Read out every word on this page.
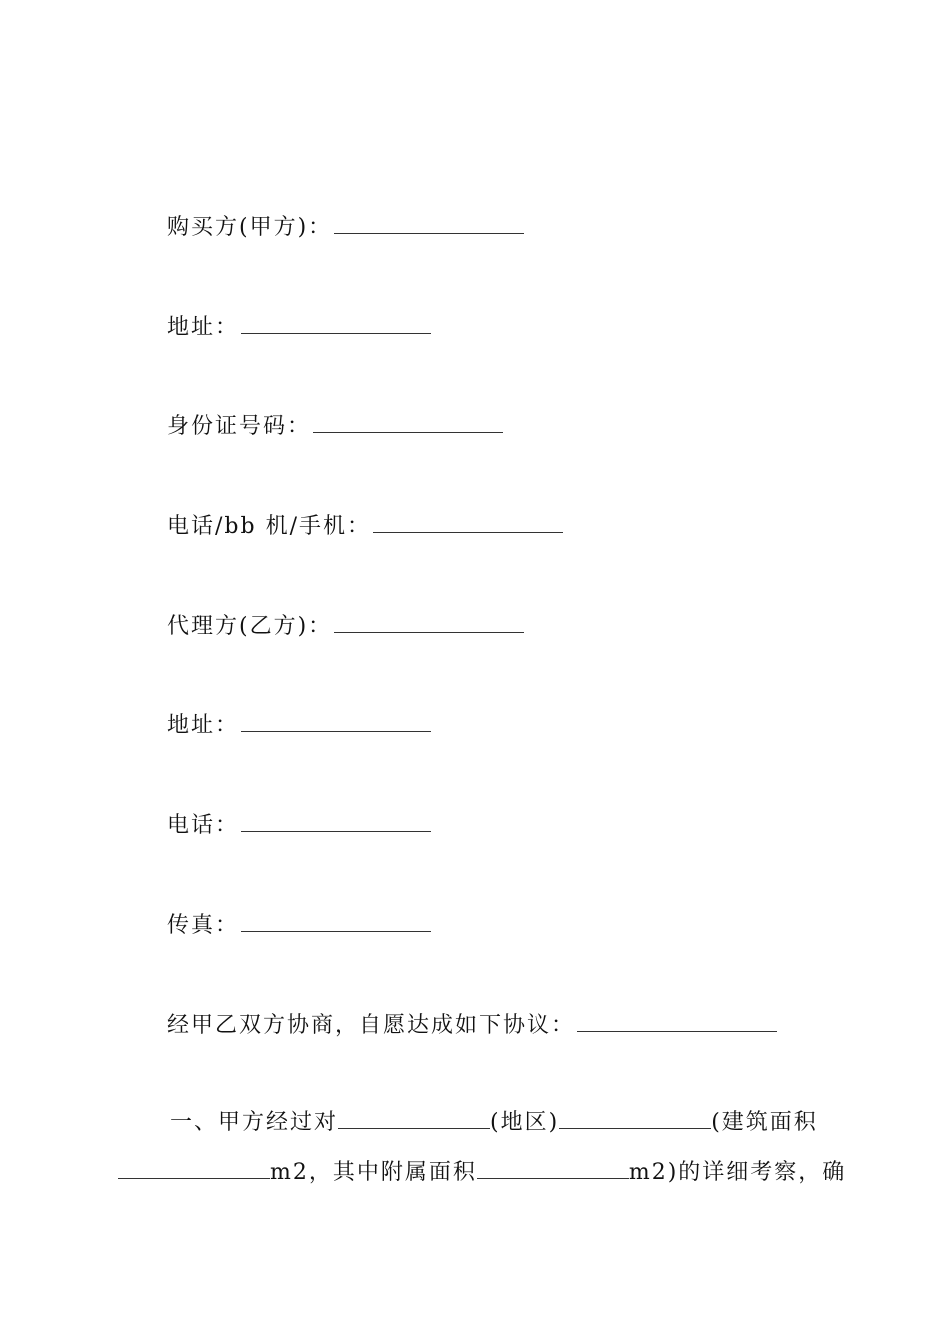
购买方(甲方)：
地址：
身份证号码：
电话/bb 机/手机：
代理方(乙方)：
地址：
电话：
传真：
经甲乙双方协商，自愿达成如下协议：
一、甲方经过对	(地区)	(建筑面积
m2，其中附属面积	m2)的详细考察，确
